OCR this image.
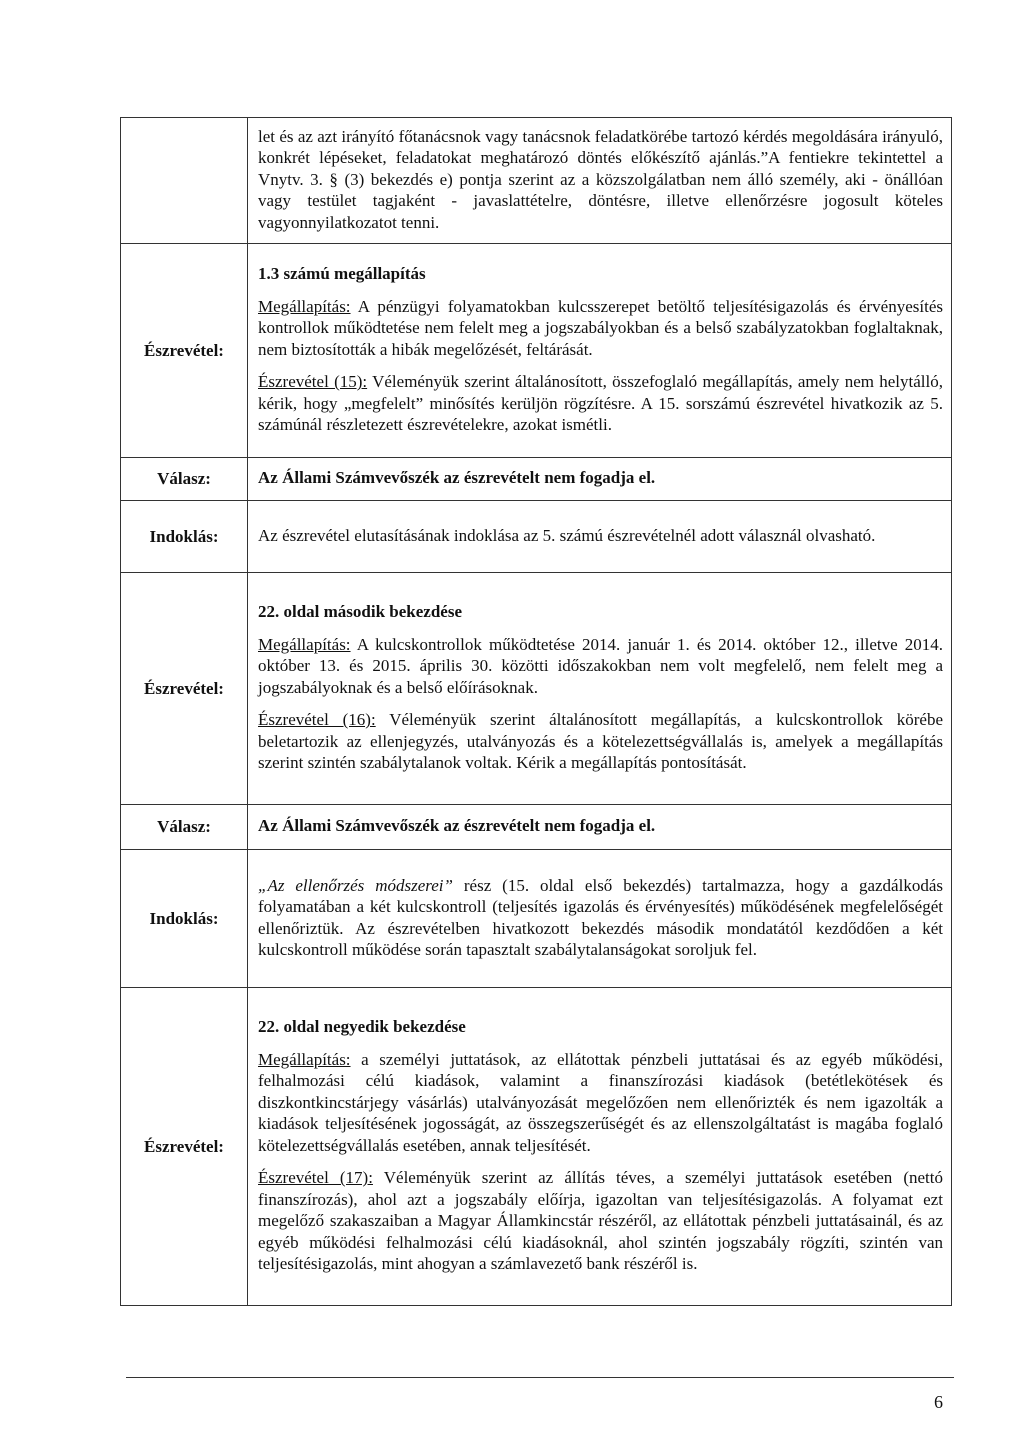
	let és az azt irányító főtanácsnok vagy tanácsnok feladatkörébe tartozó kérdés megoldására irányuló, konkrét lépéseket, feladatokat meghatározó döntés előkészítő ajánlás.”A fentiekre tekintettel a Vnytv. 3. § (3) bekezdés e) pontja szerint az a közszolgálatban nem álló személy, aki - önállóan vagy testület tagjaként - javaslattételre, döntésre, illetve ellenőrzésre jogosult köteles vagyonnyilatkozatot tenni.

Észrevétel:	1.3 számú megállapítás

Megállapítás: A pénzügyi folyamatokban kulcsszerepet betöltő teljesítésigazolás és érvényesítés kontrollok működtetése nem felelt meg a jogszabályokban és a belső szabályzatokban foglaltaknak, nem biztosították a hibák megelőzését, feltárását.

Észrevétel (15): Véleményük szerint általánosított, összefoglaló megállapítás, amely nem helytálló, kérik, hogy „megfelelt” minősítés kerüljön rögzítésre. A 15. sorszámú észrevétel hivatkozik az 5. számúnál részletezett észrevételekre, azokat ismétli.

Válasz:	Az Állami Számvevőszék az észrevételt nem fogadja el.
Indoklás:	Az észrevétel elutasításának indoklása az 5. számú észrevételnél adott válasznál olvasható.
Észrevétel:	22. oldal második bekezdése

Megállapítás: A kulcskontrollok működtetése 2014. január 1. és 2014. október 12., illetve 2014. október 13. és 2015. április 30. közötti időszakokban nem volt megfelelő, nem felelt meg a jogszabályoknak és a belső előírásoknak.

Észrevétel (16): Véleményük szerint általánosított megállapítás, a kulcskontrollok körébe beletartozik az ellenjegyzés, utalványozás és a kötelezettségvállalás is, amelyek a megállapítás szerint szintén szabálytalanok voltak. Kérik a megállapítás pontosítását.

Válasz:	Az Állami Számvevőszék az észrevételt nem fogadja el.
Indoklás:	„Az ellenőrzés módszerei” rész (15. oldal első bekezdés) tartalmazza, hogy a gazdálkodás folyamatában a két kulcskontroll (teljesítés igazolás és érvényesítés) működésének megfelelőségét ellenőriztük. Az észrevételben hivatkozott bekezdés második mondatától kezdődően a két kulcskontroll működése során tapasztalt szabálytalanságokat soroljuk fel.
Észrevétel:	22. oldal negyedik bekezdése

Megállapítás: a személyi juttatások, az ellátottak pénzbeli juttatásai és az egyéb működési, felhalmozási célú kiadások, valamint a finanszírozási kiadások (betétlekötések és diszkontkincstárjegy vásárlás) utalványozását megelőzően nem ellenőrizték és nem igazolták a kiadások teljesítésének jogosságát, az összegszerűségét és az ellenszolgáltatást is magába foglaló kötelezettségvállalás esetében, annak teljesítését.

Észrevétel (17): Véleményük szerint az állítás téves, a személyi juttatások esetében (nettó finanszírozás), ahol azt a jogszabály előírja, igazoltan van teljesítésigazolás. A folyamat ezt megelőző szakaszaiban a Magyar Államkincstár részéről, az ellátottak pénzbeli juttatásainál, és az egyéb működési felhalmozási célú kiadásoknál, ahol szintén jogszabály rögzíti, szintén van teljesítésigazolás, mint ahogyan a számlavezető bank részéről is.

6
